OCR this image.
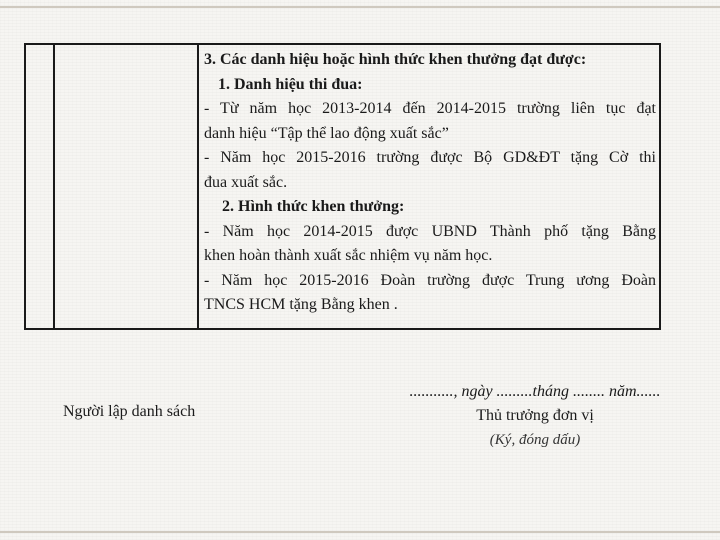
3. Các danh hiệu hoặc hình thức khen thưởng đạt được:

1. Danh hiệu thi đua:

- Từ năm học 2013-2014 đến 2014-2015 trường liên tục đạt

danh hiệu “Tập thể lao động xuất sắc”

- Năm học 2015-2016 trường được Bộ GD&ĐT tặng Cờ thi

đua xuất sắc.

2. Hình thức khen thưởng:

- Năm học 2014-2015 được UBND Thành phố tặng Bằng

khen hoàn thành xuất sắc nhiệm vụ năm học.

- Năm học 2015-2016 Đoàn trường được Trung ương Đoàn

TNCS HCM tặng Bằng khen .

Người lập danh sách
..........., ngày .........tháng ........ năm......
Thủ trưởng đơn vị
(Ký, đóng dấu)
